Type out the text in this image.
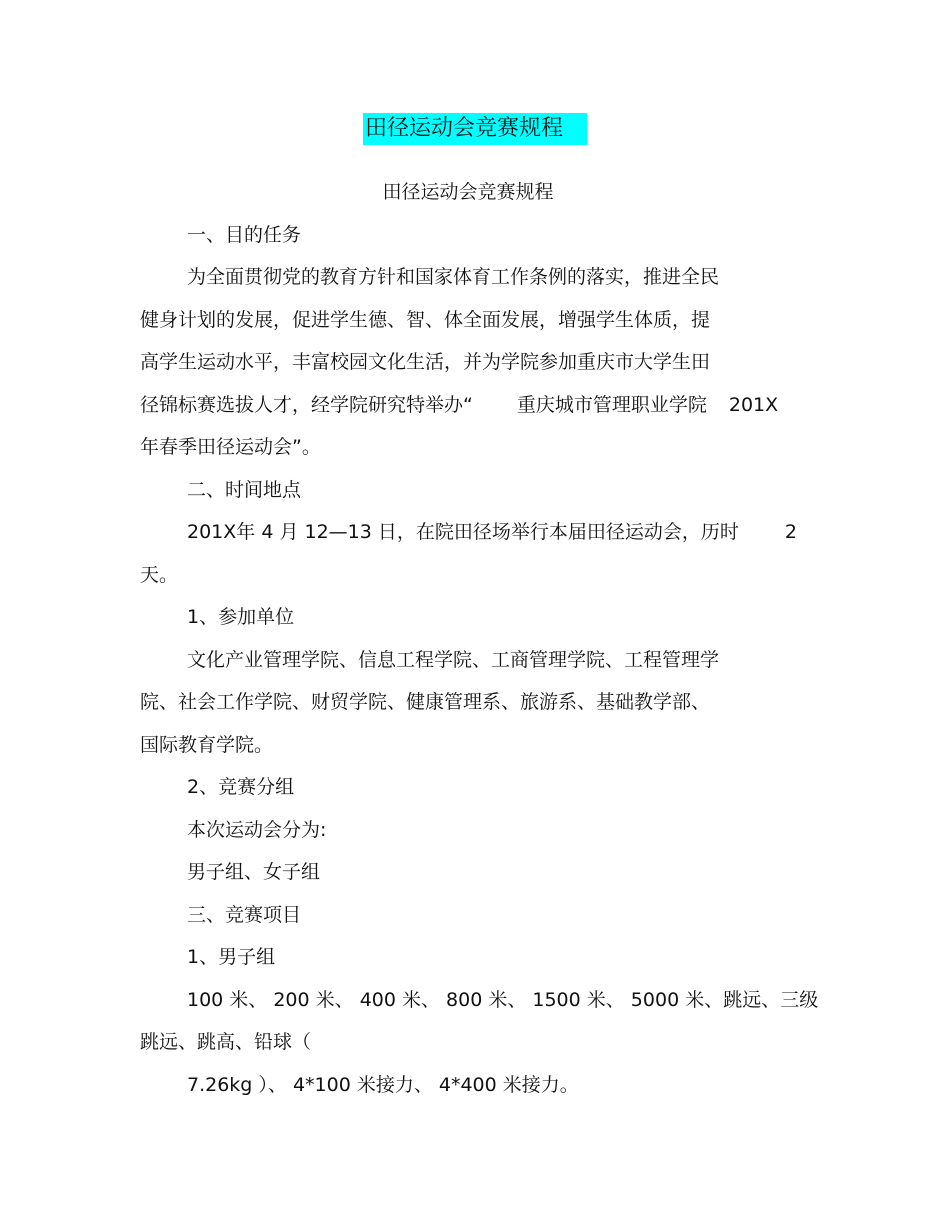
田径运动会竞赛规程
田径运动会竞赛规程
一、目的任务
为全面贯彻党的教育方针和国家体育工作条例的落实，推进全民
健身计划的发展，促进学生德、智、体全面发展，增强学生体质，提
高学生运动水平，丰富校园文化生活，并为学院参加重庆市大学生田
径锦标赛选拔人才，经学院研究特举办“ 重庆城市管理职业学院 201X
年春季田径运动会”。
二、时间地点
201X年 4 月 12—13 日，在院田径场举行本届田径运动会，历时 2
天。
1、参加单位
文化产业管理学院、信息工程学院、工商管理学院、工程管理学
院、社会工作学院、财贸学院、健康管理系、旅游系、基础教学部、
国际教育学院。
2、竞赛分组
本次运动会分为:
男子组、女子组
三、竞赛项目
1、男子组
100 米、 200 米、 400 米、 800 米、 1500 米、 5000 米、跳远、三级
跳远、跳高、铅球（
7.26kg ）、 4*100 米接力、 4*400 米接力。
